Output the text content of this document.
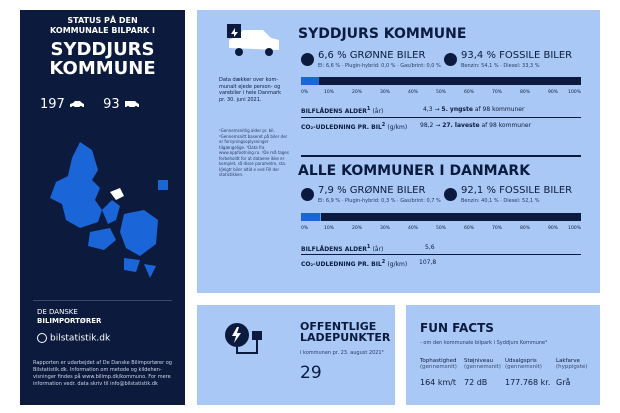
STATUS PÅ DEN
KOMMUNALE BILPARK I
SYDDJURS
KOMMUNE
197	93
DE DANSKE
BILIMPORTØRER
bilstatistik.dk
Rapporten er udarbejdet af De Danske Bilimportører og Bilstatistik.dk. Information om metode og kildehen-visninger findes på www.bilimp.dk/kommuno. For mere information vedr. data skriv til info@bilstatistik.dk
Data dækker over kom-munalt ejede person- og varebiler i hele Danmark pr. 30. juni 2021.
¹Gennemsnitlig alder pr. bil. ²Gennemsnitt baseret på biler der er forsyningsoplysninger tilgængelige. ³Data fra www.oppfootning.ru. ⁴De må tages forbeholdt for at dataene ikke er komplet, så disse parametre, sta. I/Jelgtr biler altid e evd Fill der statistikken.
SYDDJURS KOMMUNE
6,6 % GRØNNE BILER
El: 6,6 % · Plugin-hybrid: 0,0 % · Gas/brint: 0,0 %
93,4 % FOSSILE BILER
Benzin: 54,1 % · Diesel: 33,3 %
0%	10%	20%	30%	40%	50%	60%	70%	80%	90% 100%
BILFLÅDENS ALDER$^1$ (år)	4,3 → 5. yngste af 98 kommuner
CO₂-UDLEDNING PR. BIL$^2$ (g/km) 98,2 → 27. laveste af 98 kommuner
ALLE KOMMUNER I DANMARK
7,9 % GRØNNE BILER
El: 6,9 % · Plugin-hybrid: 0,3 % · Gas/brint: 0,7 %
92,1 % FOSSILE BILER
Benzin: 40,1 % · Diesel: 52,1 %
0%	10%	20%	30%	40%	50%	60%	70%	80%	90% 100%
BILFLÅDENS ALDER$^1$ (år)	5,6
CO₂-UDLEDNING PR. BIL$^2$ (g/km) 107,8
OFFENTLIGE
LADEPUNKTER
i kommunen pr. 23. august 2021³
29
FUN FACTS
- om den kommunale bilpark i Syddjurs Kommune⁴
Tophastighed
(gennemsnit)
164 km/t
Støjniveau
(gennemsnit)
72 dB
Udsalgspris
(gennemsnit)
177.768 kr.
Lakfarve
(hyppigste)
Grå
